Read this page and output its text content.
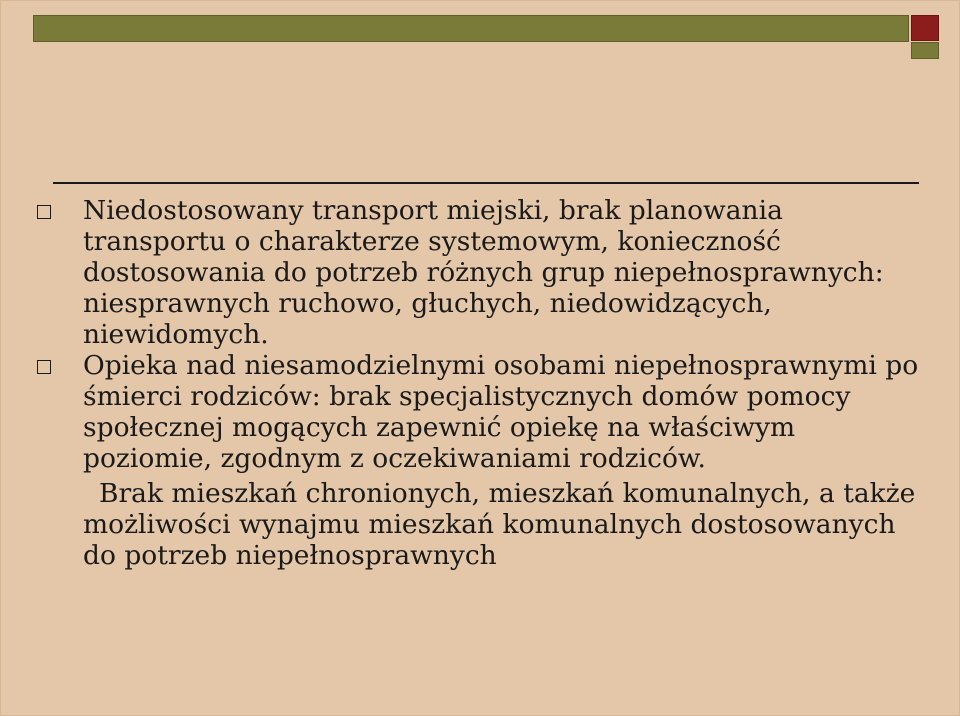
Niedostosowany transport miejski, brak planowania transportu o charakterze systemowym, konieczność dostosowania do potrzeb różnych grup niepełnosprawnych: niesprawnych ruchowo, głuchych, niedowidzących, niewidomych.
Opieka nad niesamodzielnymi osobami niepełnosprawnymi po śmierci rodziców: brak specjalistycznych domów pomocy społecznej mogących zapewnić opiekę na właściwym poziomie, zgodnym z oczekiwaniami rodziców.
Brak mieszkań chronionych, mieszkań komunalnych, a także możliwości wynajmu mieszkań komunalnych dostosowanych do potrzeb niepełnosprawnych
